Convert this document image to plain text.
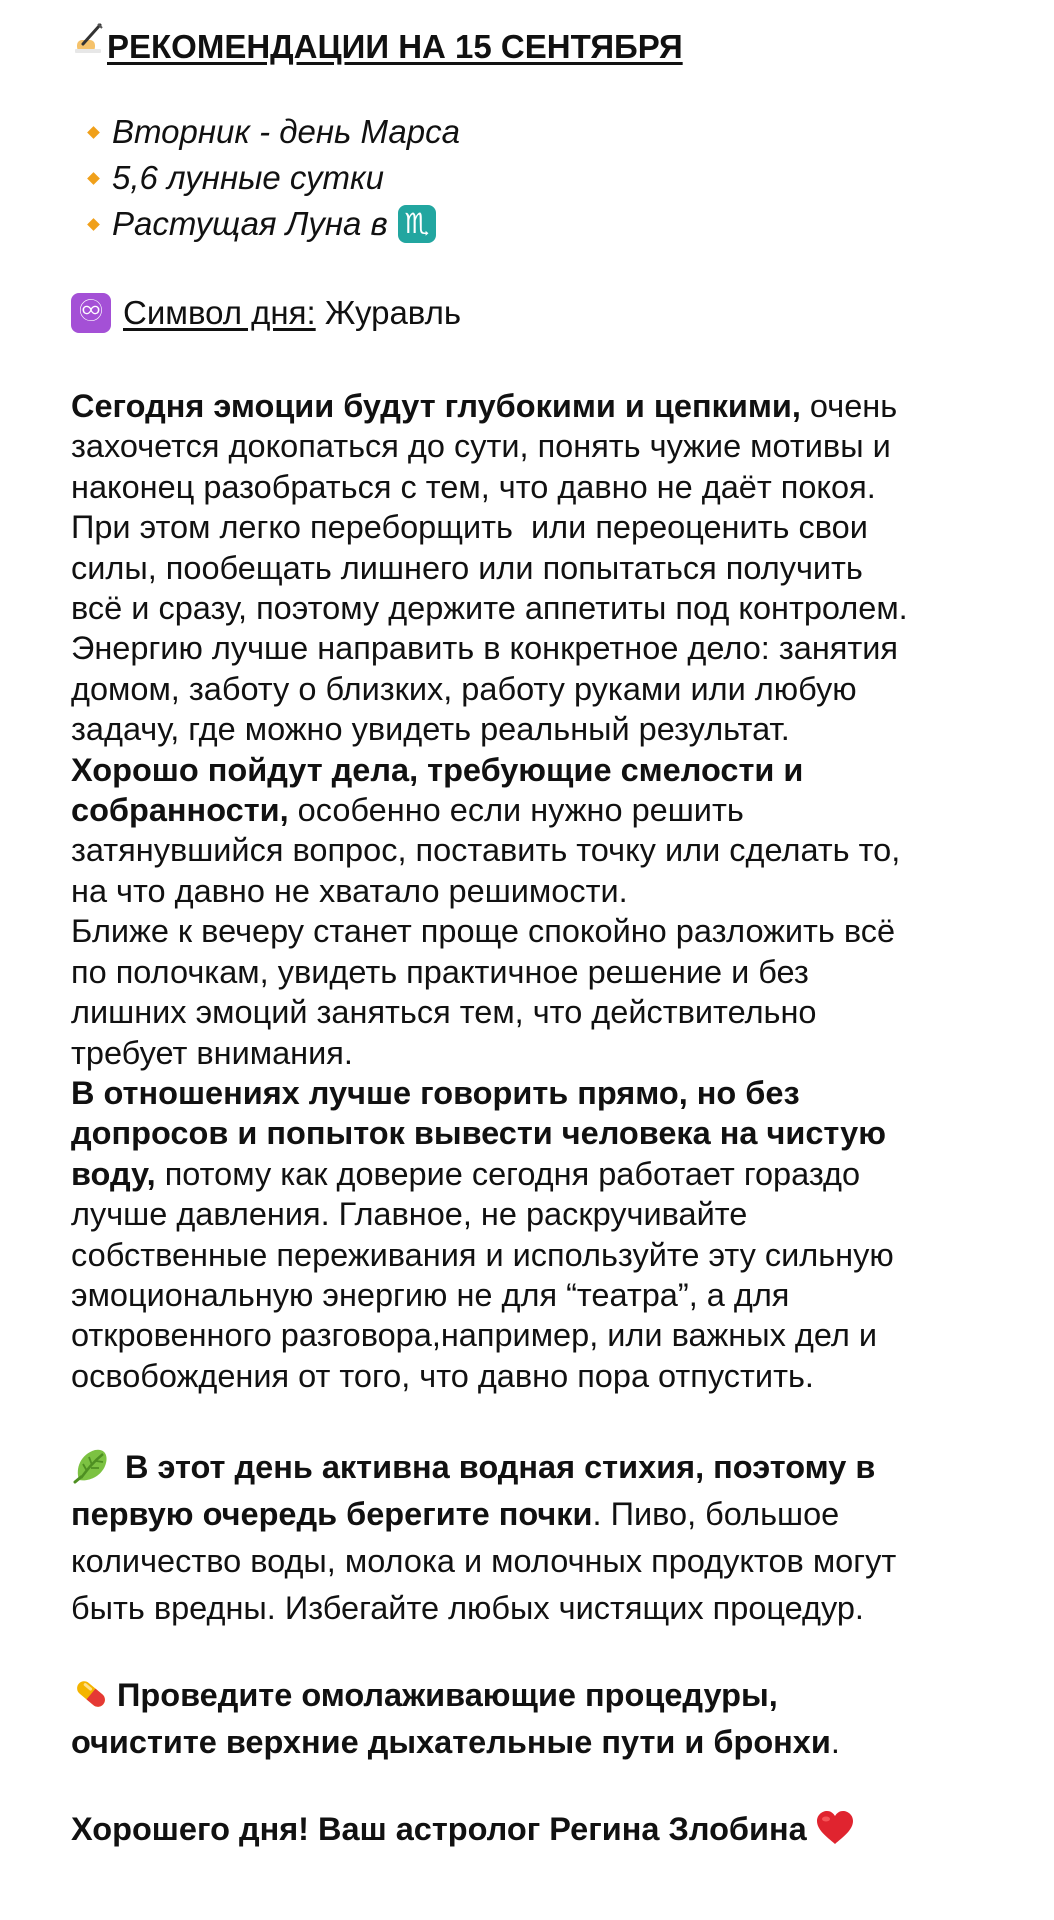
РЕКОМЕНДАЦИИ НА 15 СЕНТЯБРЯ
Вторник - день Марса
5,6 лунные сутки
Растущая Луна в ♏
♾ Символ дня: Журавль

Сегодня эмоции будут глубокими и цепкими, очень

захочется докопаться до сути, понять чужие мотивы и

наконец разобраться с тем, что давно не даёт покоя.

При этом легко переборщить  или переоценить свои

силы, пообещать лишнего или попытаться получить

всё и сразу, поэтому держите аппетиты под контролем.

Энергию лучше направить в конкретное дело: занятия

домом, заботу о близких, работу руками или любую

задачу, где можно увидеть реальный результат.

Хорошо пойдут дела, требующие смелости и

собранности, особенно если нужно решить

затянувшийся вопрос, поставить точку или сделать то,

на что давно не хватало решимости.

Ближе к вечеру станет проще спокойно разложить всё

по полочкам, увидеть практичное решение и без

лишних эмоций заняться тем, что действительно

требует внимания.

В отношениях лучше говорить прямо, но без

допросов и попыток вывести человека на чистую

воду, потому как доверие сегодня работает гораздо

лучше давления. Главное, не раскручивайте

собственные переживания и используйте эту сильную

эмоциональную энергию не для “театра”, а для

откровенного разговора,например, или важных дел и

освобождения от того, что давно пора отпустить.

В этот день активна водная стихия, поэтому в

первую очередь берегите почки. Пиво, большое

количество воды, молока и молочных продуктов могут

быть вредны. Избегайте любых чистящих процедур.

Проведите омолаживающие процедуры,

очистите верхние дыхательные пути и бронхи.

Хорошего дня! Ваш астролог Регина Злобина
